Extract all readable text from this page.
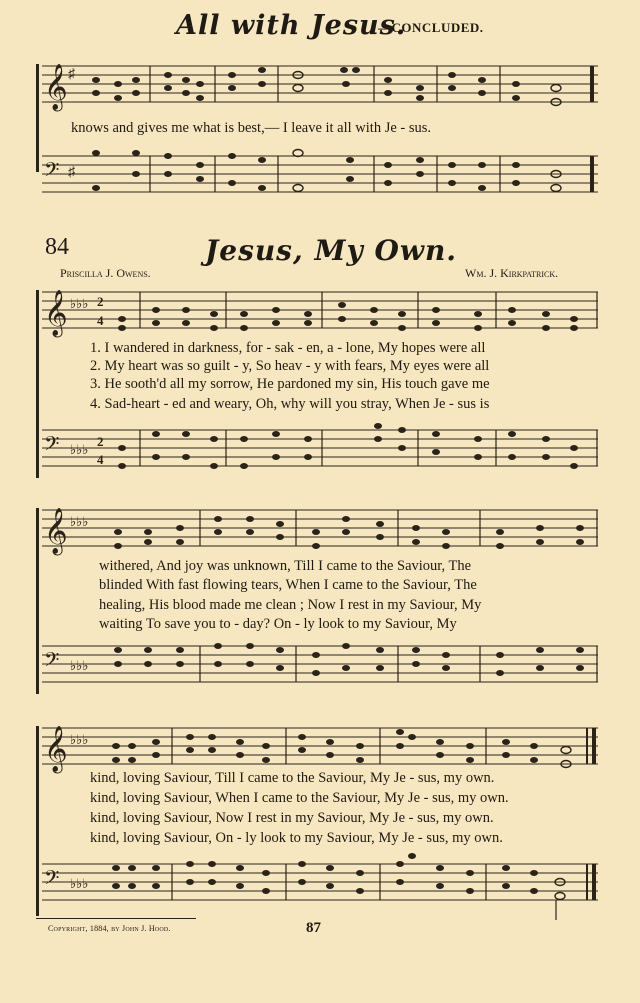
All with Jesus.
—CONCLUDED.
𝄞 ♯
knows and gives me what is best,— I leave it all with Je - sus.
𝄢 ♯
84	Jesus, My Own.
Priscilla J. Owens.	Wm. J. Kirkpatrick.
𝄞 ♭♭♭ 2
4
1. I wandered in darkness, for - sak - en, a - lone, My hopes were all
2. My heart was so guilt - y, So heav - y with fears, My eyes were all
3. He sooth'd all my sorrow, He pardoned my sin, His touch gave me
4. Sad-heart - ed and weary, Oh, why will you stray, When Je - sus is
𝄢 ♭♭♭
2
4
𝄞 ♭♭♭
withered, And joy was unknown, Till I came to the Saviour, The
blinded With fast flowing tears, When I came to the Saviour, The
healing, His blood made me clean ; Now I rest in my Saviour, My
waiting To save you to - day? On - ly look to my Saviour, My
𝄢 ♭♭♭
𝄞 ♭♭♭
kind, loving Saviour, Till I came to the Saviour, My Je - sus, my own.
kind, loving Saviour, When I came to the Saviour, My Je - sus, my own.
kind, loving Saviour, Now I rest in my Saviour, My Je - sus, my own.
kind, loving Saviour, On - ly look to my Saviour, My Je - sus, my own.
𝄢 ♭♭♭
Copyright, 1884, by John J. Hood.	87
